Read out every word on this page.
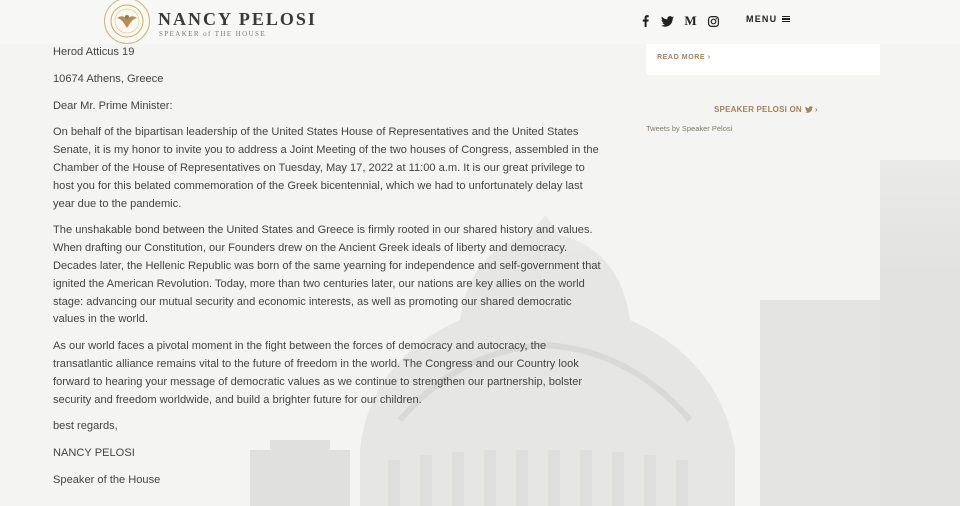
NANCY PELOSI
SPEAKER of THE HOUSE
M	MENU

Herod Atticus 19

10674 Athens, Greece

Dear Mr. Prime Minister:

On behalf of the bipartisan leadership of the United States House of Representatives and the United States Senate, it is my honor to invite you to address a Joint Meeting of the two houses of Congress, assembled in the Chamber of the House of Representatives on Tuesday, May 17, 2022 at 11:00 a.m. It is our great privilege to host you for this belated commemoration of the Greek bicentennial, which we had to unfortunately delay last year due to the pandemic.

The unshakable bond between the United States and Greece is firmly rooted in our shared history and values. When drafting our Constitution, our Founders drew on the Ancient Greek ideals of liberty and democracy. Decades later, the Hellenic Republic was born of the same yearning for independence and self-government that ignited the American Revolution. Today, more than two centuries later, our nations are key allies on the world stage: advancing our mutual security and economic interests, as well as promoting our shared democratic values in the world.

As our world faces a pivotal moment in the fight between the forces of democracy and autocracy, the transatlantic alliance remains vital to the future of freedom in the world. The Congress and our Country look forward to hearing your message of democratic values as we continue to strengthen our partnership, bolster security and freedom worldwide, and build a brighter future for our children.

best regards,

NANCY PELOSI

Speaker of the House

READ MORE ›
SPEAKER PELOSI ON ›
Tweets by Speaker Pelosi
